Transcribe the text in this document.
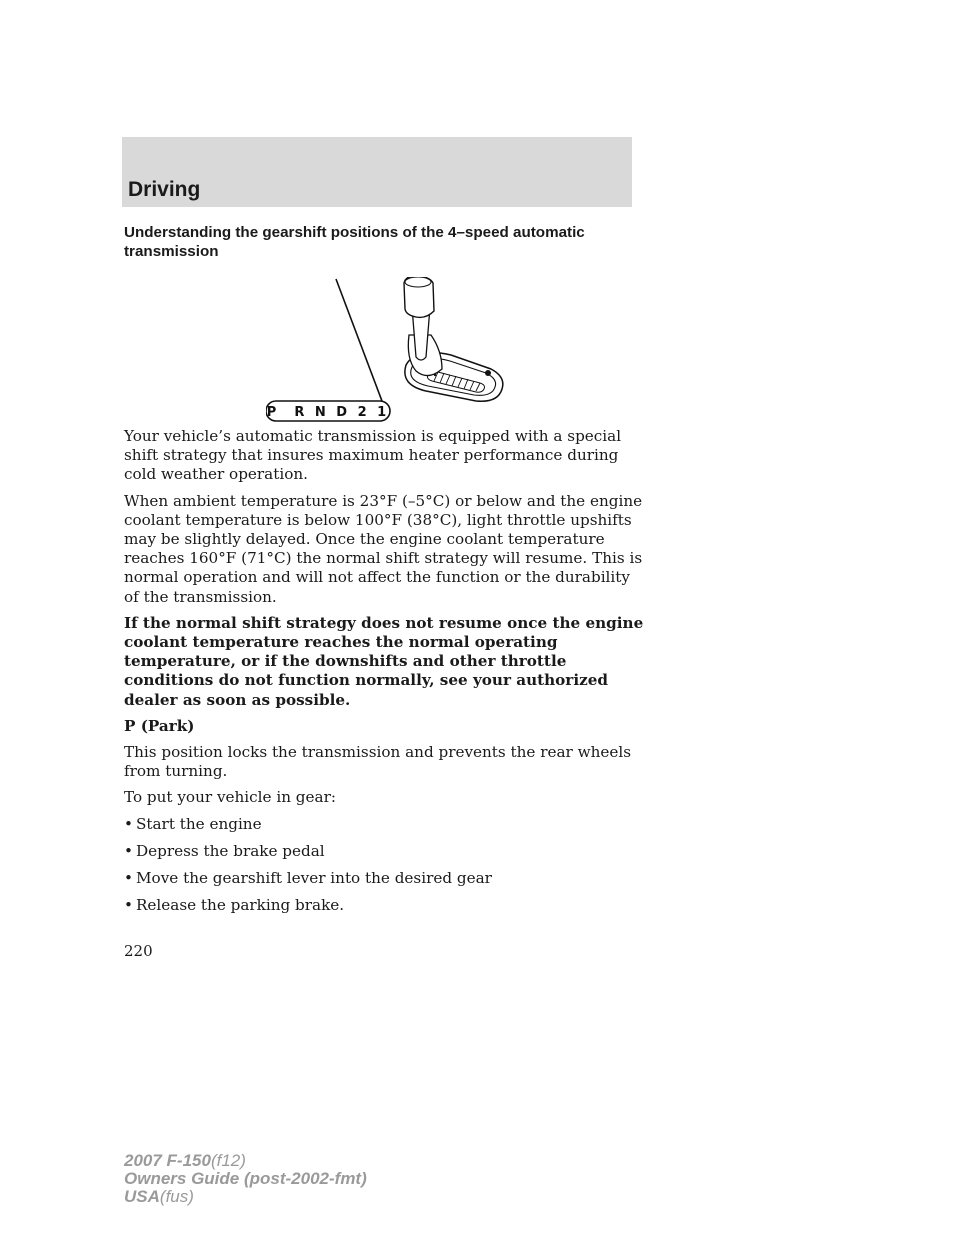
Driving
Understanding the gearshift positions of the 4–speed automatic transmission
P  R N D 2 1

Your vehicle’s automatic transmission is equipped with a special shift strategy that insures maximum heater performance during cold weather operation.

When ambient temperature is 23°F (–5°C) or below and the engine coolant temperature is below 100°F (38°C), light throttle upshifts may be slightly delayed. Once the engine coolant temperature reaches 160°F (71°C) the normal shift strategy will resume. This is normal operation and will not affect the function or the durability of the transmission.

If the normal shift strategy does not resume once the engine coolant temperature reaches the normal operating temperature, or if the downshifts and other throttle conditions do not function normally, see your authorized dealer as soon as possible.

P (Park)

This position locks the transmission and prevents the rear wheels from turning.

To put your vehicle in gear:

• Start the engine
• Depress the brake pedal
• Move the gearshift lever into the desired gear
• Release the parking brake.
220
2007 F-150(f12)
Owners Guide (post-2002-fmt)
USA(fus)
